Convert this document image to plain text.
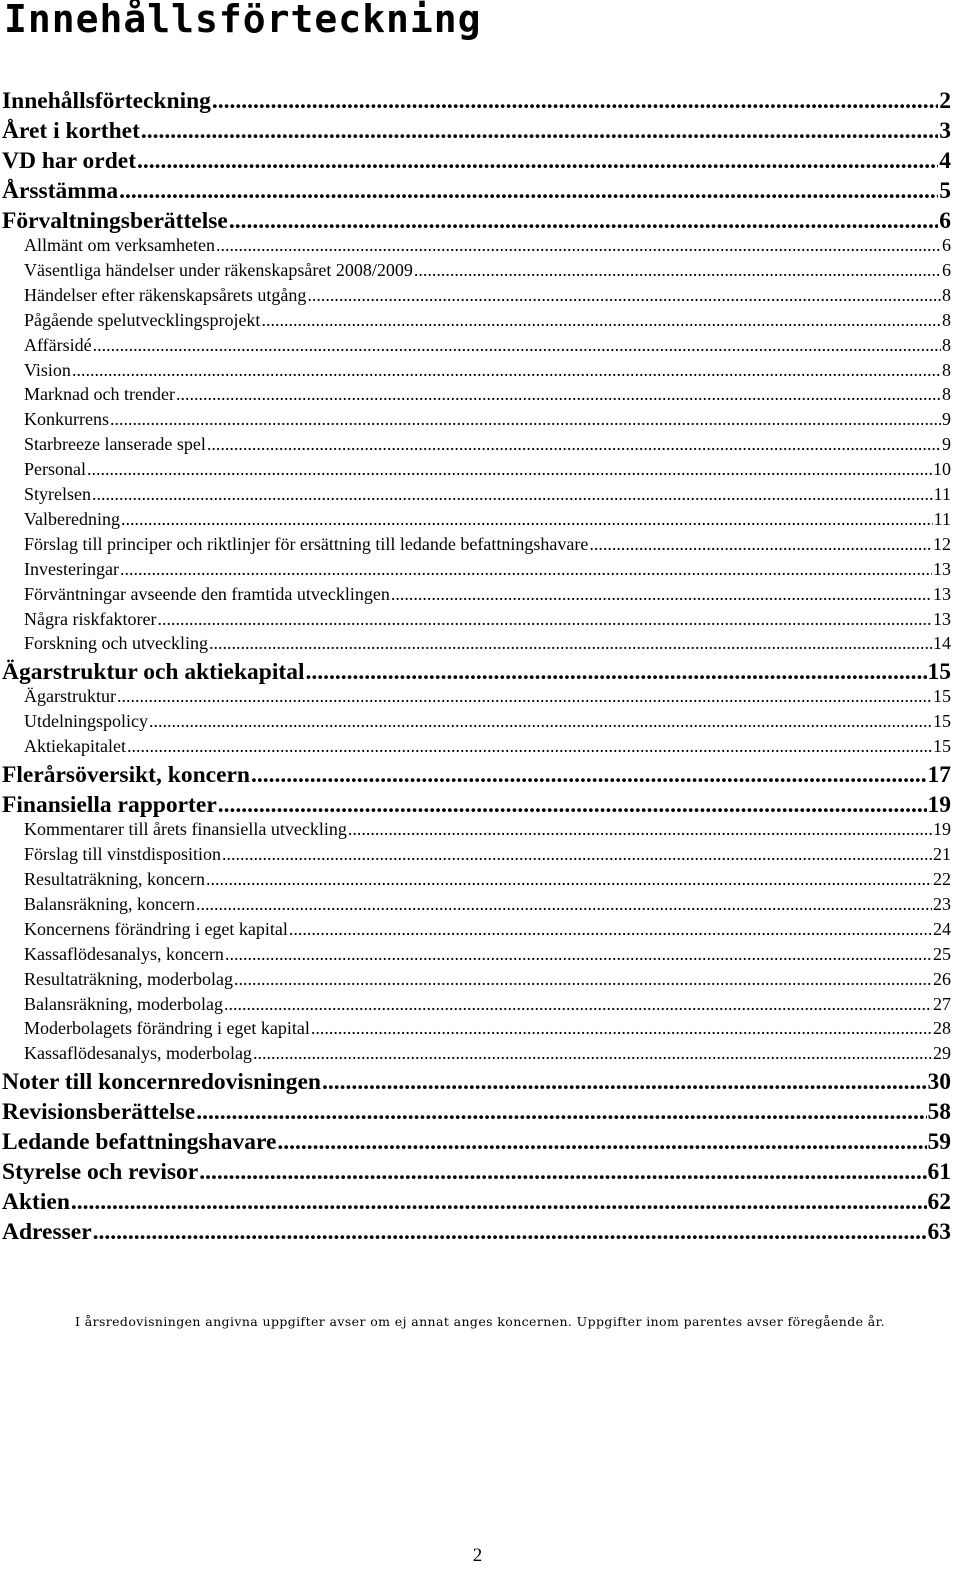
Innehållsförteckning
Innehållsförteckning .....	2
Året i korthet .....	3
VD har ordet .....	4
Årsstämma .....	5
Förvaltningsberättelse .....	6
Allmänt om verksamheten .....	6
Väsentliga händelser under räkenskapsåret 2008/2009 .....	6
Händelser efter räkenskapsårets utgång .....	8
Pågående spelutvecklingsprojekt .....	8
Affärsidé .....	8
Vision .....	8
Marknad och trender .....	8
Konkurrens .....	9
Starbreeze lanserade spel .....	9
Personal .....	10
Styrelsen .....	11
Valberedning .....	11
Förslag till principer och riktlinjer för ersättning till ledande befattningshavare .....	12
Investeringar .....	13
Förväntningar avseende den framtida utvecklingen .....	13
Några riskfaktorer .....	13
Forskning och utveckling .....	14
Ägarstruktur och aktiekapital .....	15
Ägarstruktur .....	15
Utdelningspolicy .....	15
Aktiekapitalet .....	15
Flerårsöversikt, koncern .....	17
Finansiella rapporter .....	19
Kommentarer till årets finansiella utveckling .....	19
Förslag till vinstdisposition .....	21
Resultaträkning, koncern .....	22
Balansräkning, koncern .....	23
Koncernens förändring i eget kapital .....	24
Kassaflödesanalys, koncern .....	25
Resultaträkning, moderbolag .....	26
Balansräkning, moderbolag .....	27
Moderbolagets förändring i eget kapital .....	28
Kassaflödesanalys, moderbolag .....	29
Noter till koncernredovisningen .....	30
Revisionsberättelse .....	58
Ledande befattningshavare .....	59
Styrelse och revisor .....	61
Aktien .....	62
Adresser .....	63
I årsredovisningen angivna uppgifter avser om ej annat anges koncernen. Uppgifter inom parentes avser föregående år.
2
